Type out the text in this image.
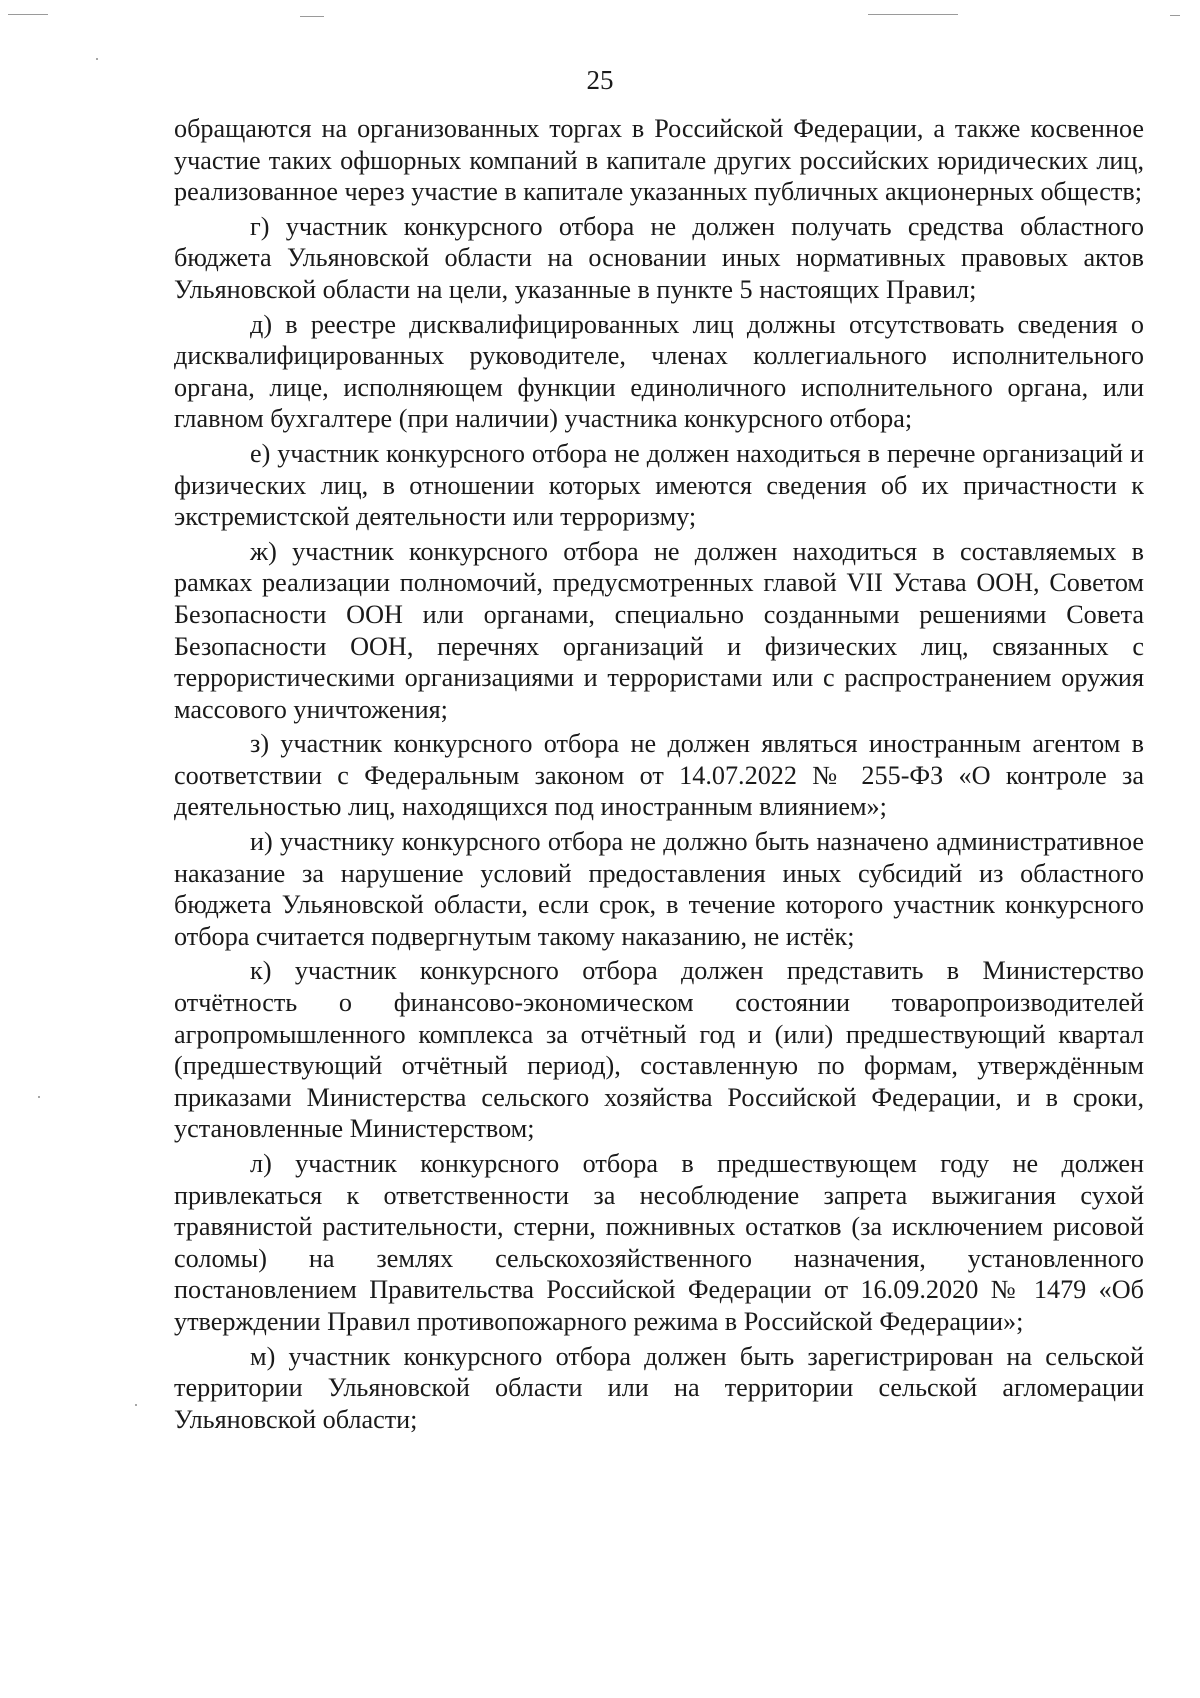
25

обращаются на организованных торгах в Российской Федерации, а также косвенное участие таких офшорных компаний в капитале других российских юридических лиц, реализованное через участие в капитале указанных публичных акционерных обществ;

г) участник конкурсного отбора не должен получать средства областного бюджета Ульяновской области на основании иных нормативных правовых актов Ульяновской области на цели, указанные в пункте 5 настоящих Правил;

д) в реестре дисквалифицированных лиц должны отсутствовать сведения о дисквалифицированных руководителе, членах коллегиального исполнительного органа, лице, исполняющем функции единоличного исполнительного органа, или главном бухгалтере (при наличии) участника конкурсного отбора;

е) участник конкурсного отбора не должен находиться в перечне организаций и физических лиц, в отношении которых имеются сведения об их причастности к экстремистской деятельности или терроризму;

ж) участник конкурсного отбора не должен находиться в составляемых в рамках реализации полномочий, предусмотренных главой VII Устава ООН, Советом Безопасности ООН или органами, специально созданными решениями Совета Безопасности ООН, перечнях организаций и физических лиц, связанных с террористическими организациями и террористами или с распространением оружия массового уничтожения;

з) участник конкурсного отбора не должен являться иностранным агентом в соответствии с Федеральным законом от 14.07.2022 № 255-ФЗ «О контроле за деятельностью лиц, находящихся под иностранным влиянием»;

и) участнику конкурсного отбора не должно быть назначено административное наказание за нарушение условий предоставления иных субсидий из областного бюджета Ульяновской области, если срок, в течение которого участник конкурсного отбора считается подвергнутым такому наказанию, не истёк;

к) участник конкурсного отбора должен представить в Министерство отчётность о финансово-экономическом состоянии товаропроизводителей агропромышленного комплекса за отчётный год и (или) предшествующий квартал (предшествующий отчётный период), составленную по формам, утверждённым приказами Министерства сельского хозяйства Российской Федерации, и в сроки, установленные Министерством;

л) участник конкурсного отбора в предшествующем году не должен привлекаться к ответственности за несоблюдение запрета выжигания сухой травянистой растительности, стерни, пожнивных остатков (за исключением рисовой соломы) на землях сельскохозяйственного назначения, установленного постановлением Правительства Российской Федерации от 16.09.2020 № 1479 «Об утверждении Правил противопожарного режима в Российской Федерации»;

м) участник конкурсного отбора должен быть зарегистрирован на сельской территории Ульяновской области или на территории сельской агломерации Ульяновской области;
